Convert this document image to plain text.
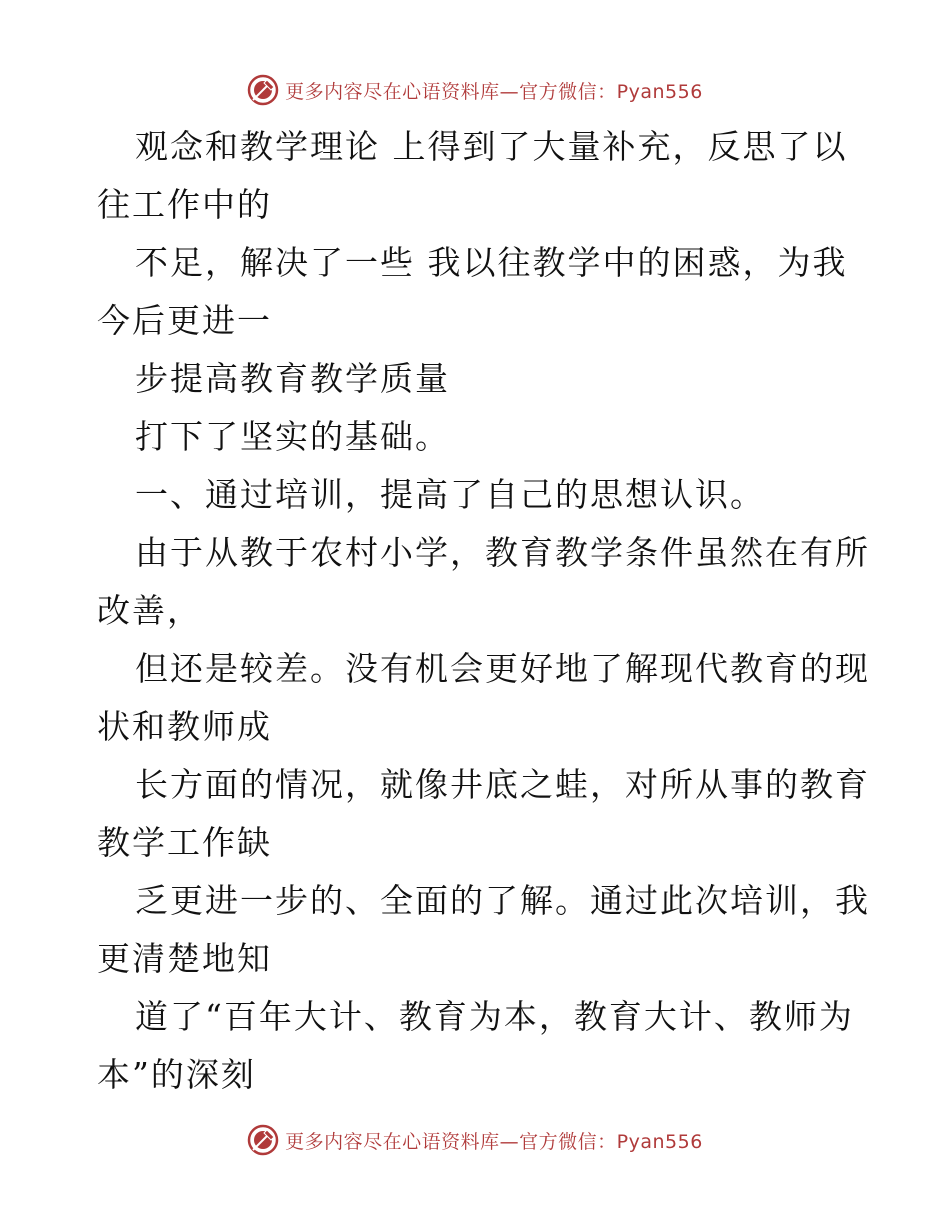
更多内容尽在心语资料库—官方微信：Pyan556
观念和教学理论 上得到了大量补充，反思了以
往工作中的
不足，解决了一些 我以往教学中的困惑，为我
今后更进一
步提高教育教学质量
打下了坚实的基础。
一、通过培训，提高了自己的思想认识。
由于从教于农村小学，教育教学条件虽然在有所
改善，
但还是较差。没有机会更好地了解现代教育的现
状和教师成
长方面的情况，就像井底之蛙，对所从事的教育
教学工作缺
乏更进一步的、全面的了解。通过此次培训，我
更清楚地知
道了“百年大计、教育为本，教育大计、教师为
本”的深刻
更多内容尽在心语资料库—官方微信：Pyan556
